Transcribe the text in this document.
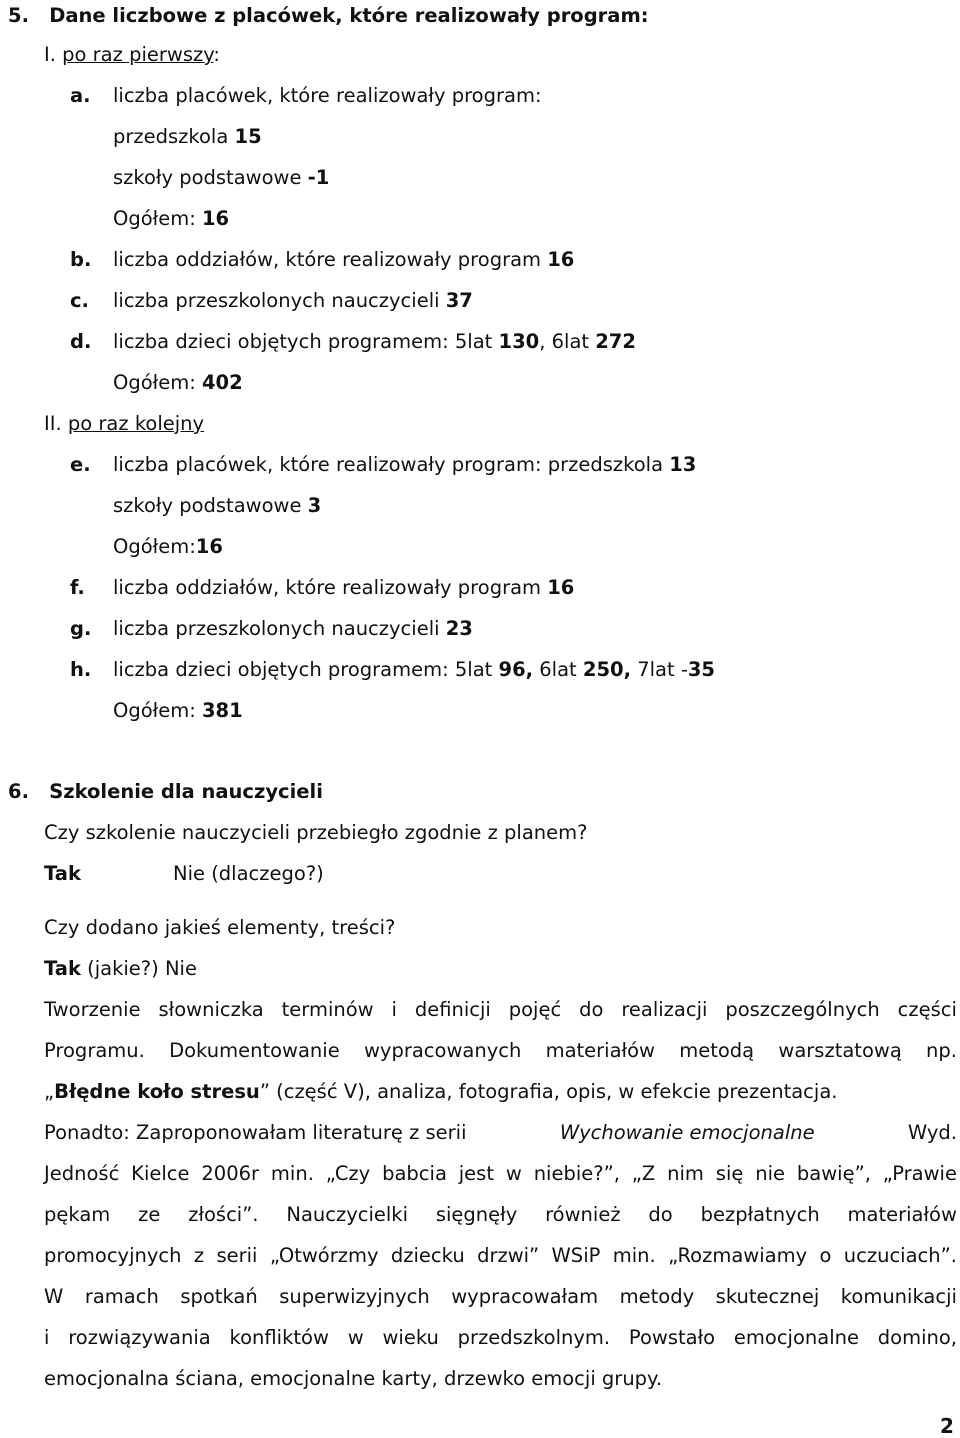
5. Dane liczbowe z placówek, które realizowały program:
I. po raz pierwszy:
a. liczba placówek, które realizowały program:
przedszkola 15
szkoły podstawowe -1
Ogółem: 16
b. liczba oddziałów, które realizowały program 16
c. liczba przeszkolonych nauczycieli 37
d. liczba dzieci objętych programem: 5lat 130, 6lat 272
Ogółem: 402
II. po raz kolejny
e. liczba placówek, które realizowały program: przedszkola 13
szkoły podstawowe 3
Ogółem:16
f. liczba oddziałów, które realizowały program 16
g. liczba przeszkolonych nauczycieli 23
h. liczba dzieci objętych programem: 5lat 96, 6lat 250, 7lat -35
Ogółem: 381
6. Szkolenie dla nauczycieli
Czy szkolenie nauczycieli przebiegło zgodnie z planem?
Tak	Nie (dlaczego?)
Czy dodano jakieś elementy, treści?
Tak (jakie?) Nie
Tworzenie słowniczka terminów i definicji pojęć do realizacji poszczególnych części
Programu. Dokumentowanie wypracowanych materiałów metodą warsztatową np.
„Błędne koło stresu” (część V), analiza, fotografia, opis, w efekcie prezentacja.
Ponadto: Zaproponowałam literaturę z serii	Wychowanie emocjonalne	Wyd.
Jedność Kielce 2006r min. „Czy babcia jest w niebie?”, „Z nim się nie bawię”, „Prawie
pękam ze złości”. Nauczycielki sięgnęły również do bezpłatnych materiałów
promocyjnych z serii „Otwórzmy dziecku drzwi” WSiP min. „Rozmawiamy o uczuciach”.
W ramach spotkań superwizyjnych wypracowałam metody skutecznej komunikacji
i rozwiązywania konfliktów w wieku przedszkolnym. Powstało emocjonalne domino,
emocjonalna ściana, emocjonalne karty, drzewko emocji grupy.
2
